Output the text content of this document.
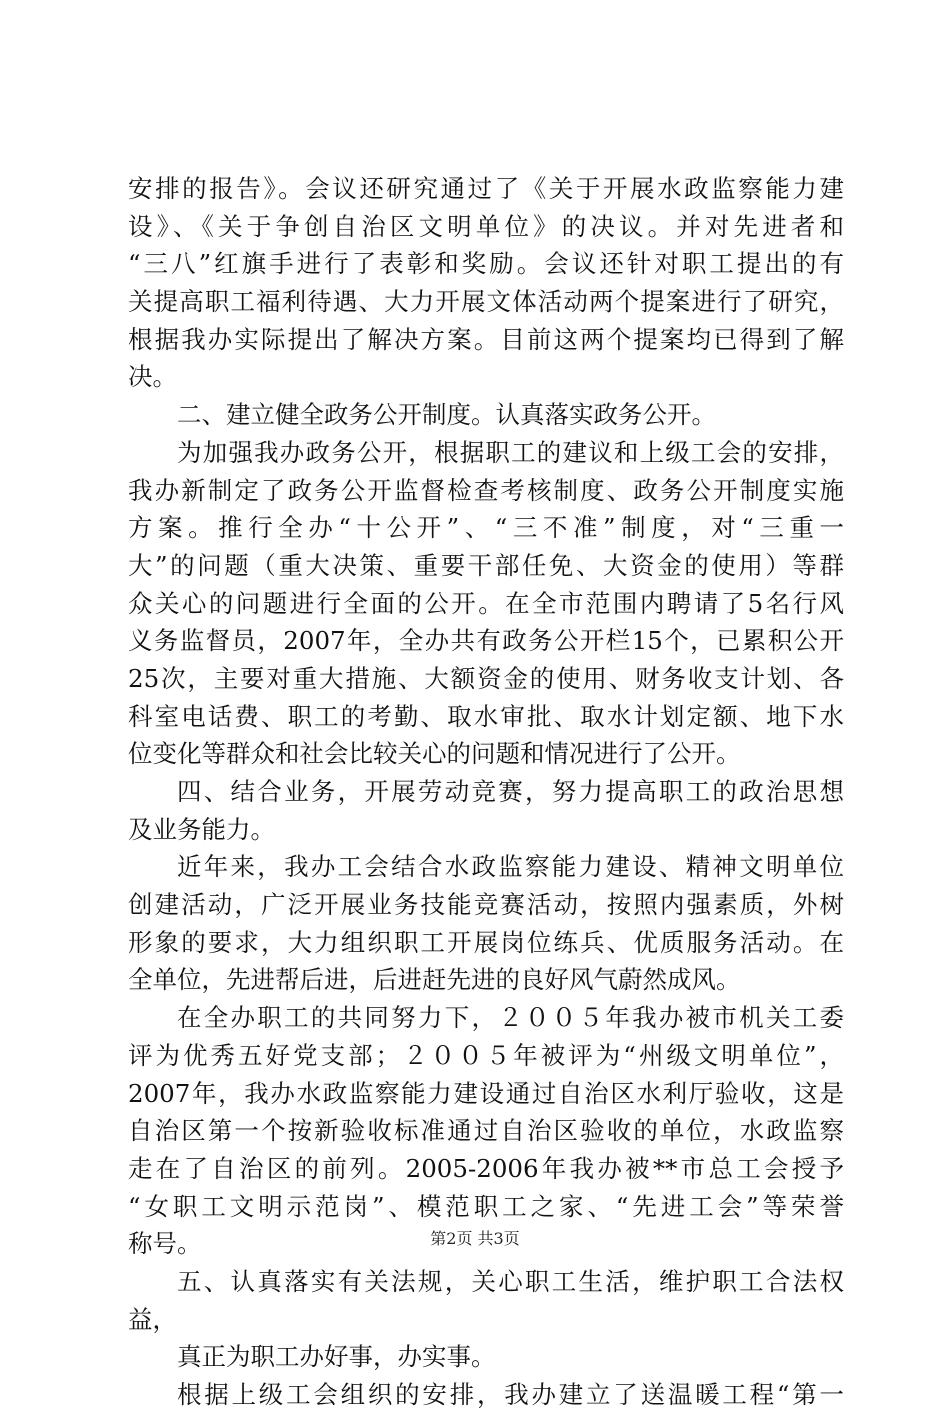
安排的报告》。会议还研究通过了《关于开展水政监察能力建
设》、《关于争创自治区文明单位》的决议。并对先进者和
“三八”红旗手进行了表彰和奖励。会议还针对职工提出的有
关提高职工福利待遇、大力开展文体活动两个提案进行了研究，
根据我办实际提出了解决方案。目前这两个提案均已得到了解
决。
二、建立健全政务公开制度。认真落实政务公开。
为加强我办政务公开，根据职工的建议和上级工会的安排，
我办新制定了政务公开监督检查考核制度、政务公开制度实施
方案。推行全办“十公开”、“三不准”制度，对“三重一
大”的问题（重大决策、重要干部任免、大资金的使用）等群
众关心的问题进行全面的公开。在全市范围内聘请了5名行风
义务监督员，2007年，全办共有政务公开栏15个，已累积公开
25次，主要对重大措施、大额资金的使用、财务收支计划、各
科室电话费、职工的考勤、取水审批、取水计划定额、地下水
位变化等群众和社会比较关心的问题和情况进行了公开。
四、结合业务，开展劳动竞赛，努力提高职工的政治思想
及业务能力。
近年来，我办工会结合水政监察能力建设、精神文明单位
创建活动，广泛开展业务技能竞赛活动，按照内强素质，外树
形象的要求，大力组织职工开展岗位练兵、优质服务活动。在
全单位，先进帮后进，后进赶先进的良好风气蔚然成风。
在全办职工的共同努力下，２００５年我办被市机关工委
评为优秀五好党支部；２００５年被评为“州级文明单位”，
2007年，我办水政监察能力建设通过自治区水利厅验收，这是
自治区第一个按新验收标准通过自治区验收的单位，水政监察
走在了自治区的前列。2005-2006年我办被**市总工会授予
“女职工文明示范岗”、模范职工之家、“先进工会”等荣誉
称号。
五、认真落实有关法规，关心职工生活，维护职工合法权
益，
真正为职工办好事，办实事。
根据上级工会组织的安排，我办建立了送温暖工程“第一
第2页 共3页
